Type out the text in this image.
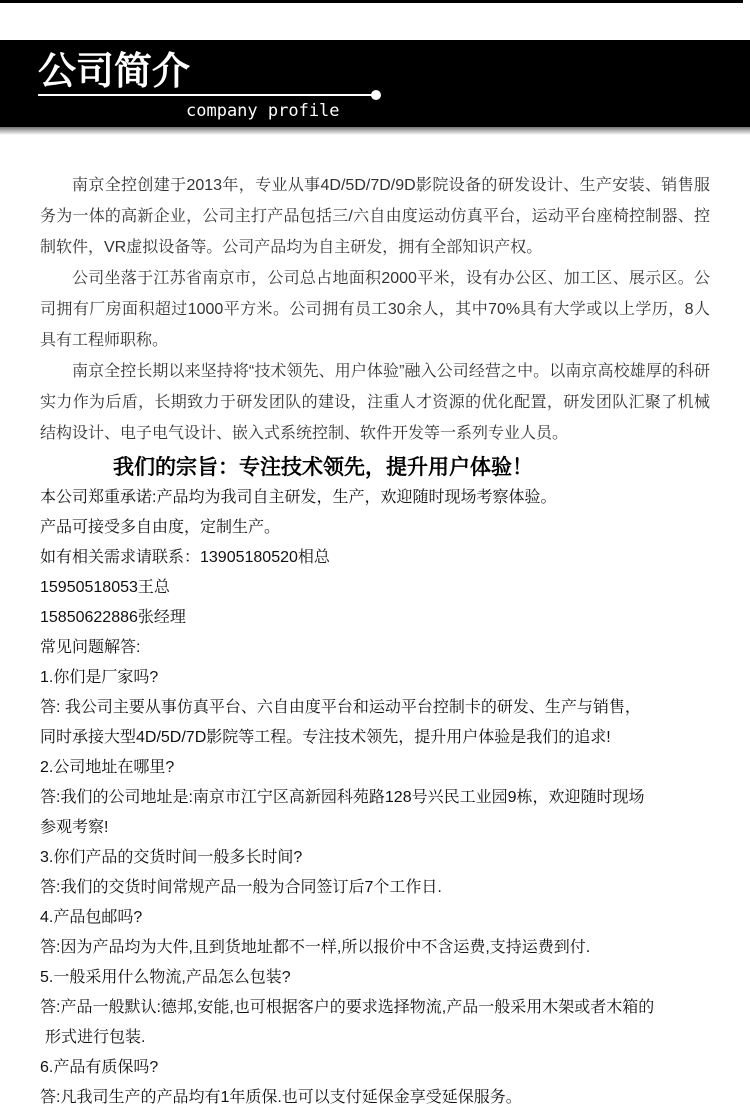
公司简介
company profile

南京全控创建于2013年，专业从事4D/5D/7D/9D影院设备的研发设计、生产安装、销售服务为一体的高新企业，公司主打产品包括三/六自由度运动仿真平台，运动平台座椅控制器、控制软件，VR虚拟设备等。公司产品均为自主研发，拥有全部知识产权。

公司坐落于江苏省南京市，公司总占地面积2000平米，设有办公区、加工区、展示区。公司拥有厂房面积超过1000平方米。公司拥有员工30余人，其中70%具有大学或以上学历，8人具有工程师职称。

南京全控长期以来坚持将“技术领先、用户体验”融入公司经营之中。以南京高校雄厚的科研实力作为后盾，长期致力于研发团队的建设，注重人才资源的优化配置，研发团队汇聚了机械结构设计、电子电气设计、嵌入式系统控制、软件开发等一系列专业人员。

我们的宗旨：专注技术领先，提升用户体验！

本公司郑重承诺:产品均为我司自主研发，生产，欢迎随时现场考察体验。

产品可接受多自由度，定制生产。

如有相关需求请联系：13905180520相总

15950518053王总

15850622886张经理

常见问题解答:

1.你们是厂家吗?

答: 我公司主要从事仿真平台、六自由度平台和运动平台控制卡的研发、生产与销售，

同时承接大型4D/5D/7D影院等工程。专注技术领先，提升用户体验是我们的追求!

2.公司地址在哪里?

答:我们的公司地址是:南京市江宁区高新园科苑路128号兴民工业园9栋，欢迎随时现场

参观考察!

3.你们产品的交货时间一般多长时间?

答:我们的交货时间常规产品一般为合同签订后7个工作日.

4.产品包邮吗?

答:因为产品均为大件,且到货地址都不一样,所以报价中不含运费,支持运费到付.

5.一般采用什么物流,产品怎么包装?

答:产品一般默认:德邦,安能,也可根据客户的要求选择物流,产品一般采用木架或者木箱的

形式进行包装.

6.产品有质保吗?

答:凡我司生产的产品均有1年质保.也可以支付延保金享受延保服务。
